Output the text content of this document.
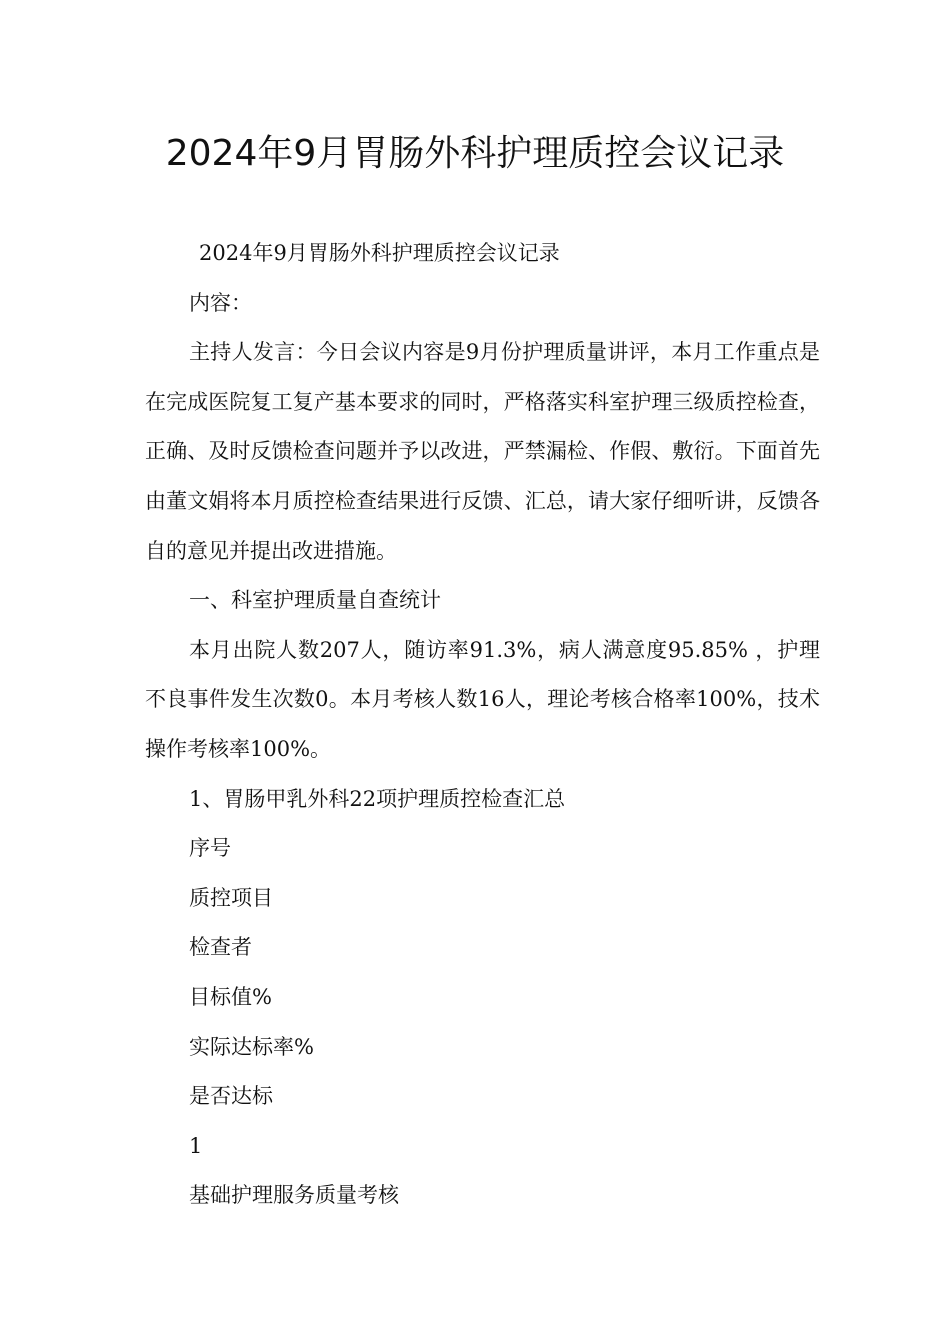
2024年9月胃肠外科护理质控会议记录

2024年9月胃肠外科护理质控会议记录

内容：

主持人发言：今日会议内容是9月份护理质量讲评，本月工作重点是在完成医院复工复产基本要求的同时，严格落实科室护理三级质控检查，正确、及时反馈检查问题并予以改进，严禁漏检、作假、敷衍。下面首先由董文娟将本月质控检查结果进行反馈、汇总，请大家仔细听讲，反馈各自的意见并提出改进措施。

一、科室护理质量自查统计

本月出院人数207人，随访率91.3%，病人满意度95.85% ，护理不良事件发生次数0。本月考核人数16人，理论考核合格率100%，技术操作考核率100%。

1、胃肠甲乳外科22项护理质控检查汇总

序号

质控项目

检查者

目标值%

实际达标率%

是否达标

1

基础护理服务质量考核
